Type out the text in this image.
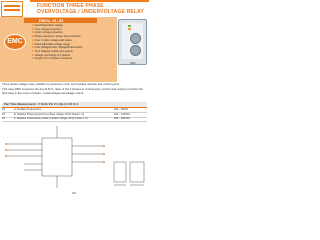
FUNCTION THREE PHASE
OVERVOLTAGE / UNDERVOLTAGE RELAY
DMVs. 61, 81
EMC
■Fixed/Adjustable voltage
■Over voltage protection
■Under voltage protection
■Phase sequence / phase loss protection
■Over / Under voltage LED status
■Fixed adjustable voltage range
■Over Voltage/Under Voltage/Phase failure
■Time delayed enable and outputs
■Voltage monitoring of 3 phases
■Supply from 3 phases monitored
EMC

Three phase voltage relay, suitable for protection of AC and 3 phase network and control panel.

This relay DMV measures the true R.M.S. value of the 3 phases to continuously monitor and output to function the fault relay in the event of phase / undervoltage/overvoltage output.

Part Time Measurement : V 10-21 V% C=1 (9+) C=21 S=1
P2	A. Auxiliary Frequencies	400 ~ 600Hz
P3	B. Relative Phase (prevents to phase voltage off Qc phase L.V)	220 ~ 415VAC
P4	C. Relative transmission phase to phase voltage off Qc phase L.V)	250 ~ 690VAC
264
